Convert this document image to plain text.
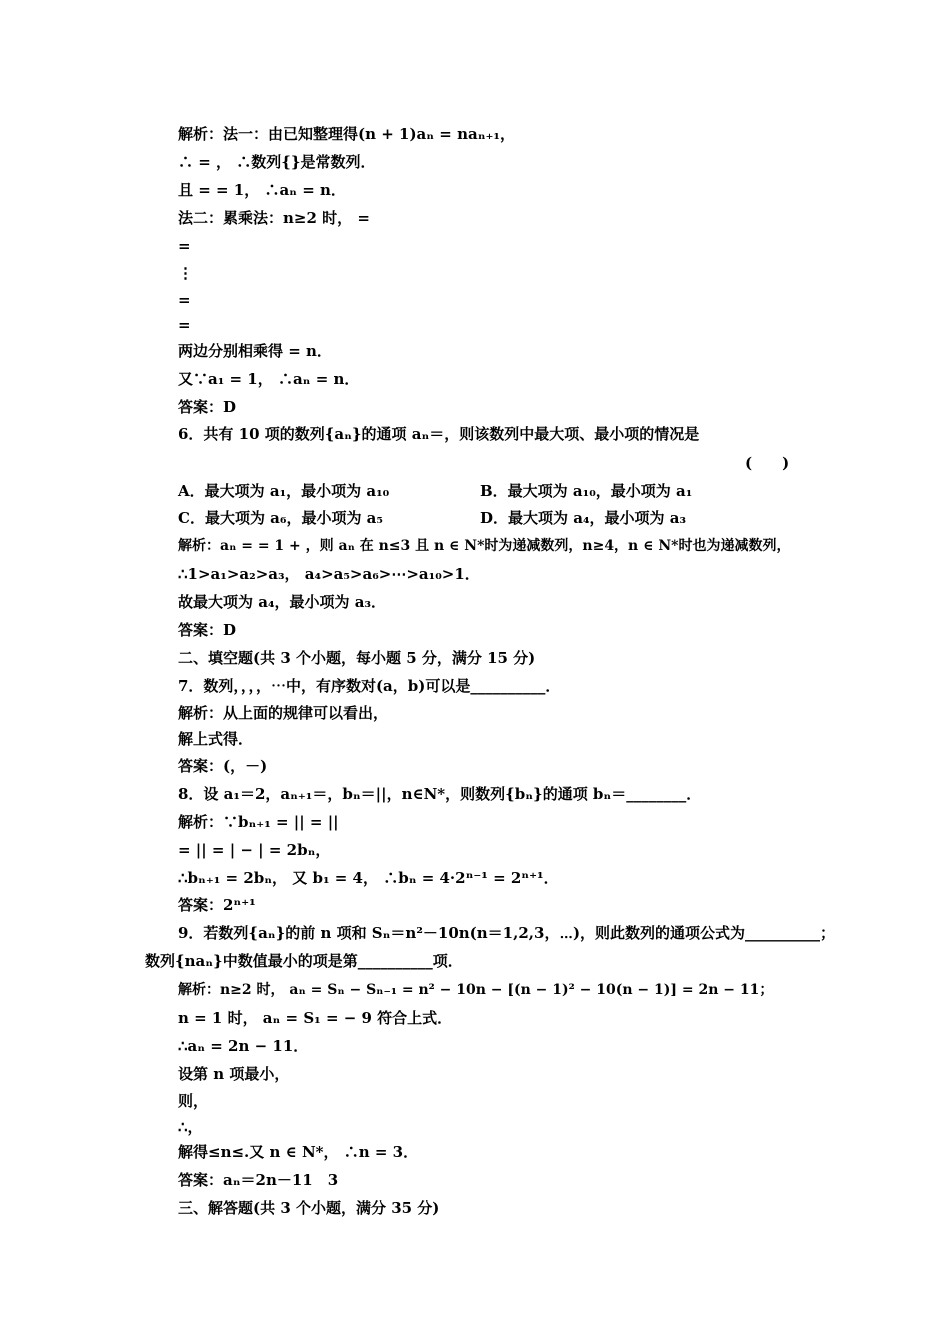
解析：法一：由已知整理得(n + 1)aₙ = naₙ₊₁，
∴ = ， ∴数列{}是常数列．
且 = = 1， ∴aₙ = n．
法二：累乘法：n≥2 时， =
=
⋮
=
=
两边分别相乘得 = n．
又∵a₁ = 1， ∴aₙ = n．
答案：D
6．共有 10 项的数列{aₙ}的通项 aₙ＝，则该数列中最大项、最小项的情况是
(　　)
A．最大项为 a₁，最小项为 a₁₀	B．最大项为 a₁₀，最小项为 a₁
C．最大项为 a₆，最小项为 a₅	D．最大项为 a₄，最小项为 a₃
解析：aₙ = = 1 + ，则 aₙ 在 n≤3 且 n ∈ N*时为递减数列，n≥4，n ∈ N*时也为递减数列，
∴1>a₁>a₂>a₃， a₄>a₅>a₆>⋯>a₁₀>1．
故最大项为 a₄，最小项为 a₃．
答案：D
二、填空题(共 3 个小题，每小题 5 分，满分 15 分)
7．数列，，，，⋯中，有序数对(a，b)可以是__________．
解析：从上面的规律可以看出，
解上式得．
答案：(，－)
8．设 a₁＝2，aₙ₊₁＝，bₙ＝||，n∈N*，则数列{bₙ}的通项 bₙ＝________．
解析：∵bₙ₊₁ = || = ||
= || = | − | = 2bₙ，
∴bₙ₊₁ = 2bₙ， 又 b₁ = 4， ∴bₙ = 4·2ⁿ⁻¹ = 2ⁿ⁺¹．
答案：2ⁿ⁺¹
9．若数列{aₙ}的前 n 项和 Sₙ＝n²－10n(n＝1,2,3，⋯)，则此数列的通项公式为__________；
数列{naₙ}中数值最小的项是第__________项．
解析：n≥2 时， aₙ = Sₙ − Sₙ₋₁ = n² − 10n − [(n − 1)² − 10(n − 1)] = 2n − 11；
n = 1 时， aₙ = S₁ = − 9 符合上式．
∴aₙ = 2n − 11．
设第 n 项最小，
则，
∴，
解得≤n≤.又 n ∈ N*， ∴n = 3．
答案：aₙ＝2n－11　3
三、解答题(共 3 个小题，满分 35 分)
